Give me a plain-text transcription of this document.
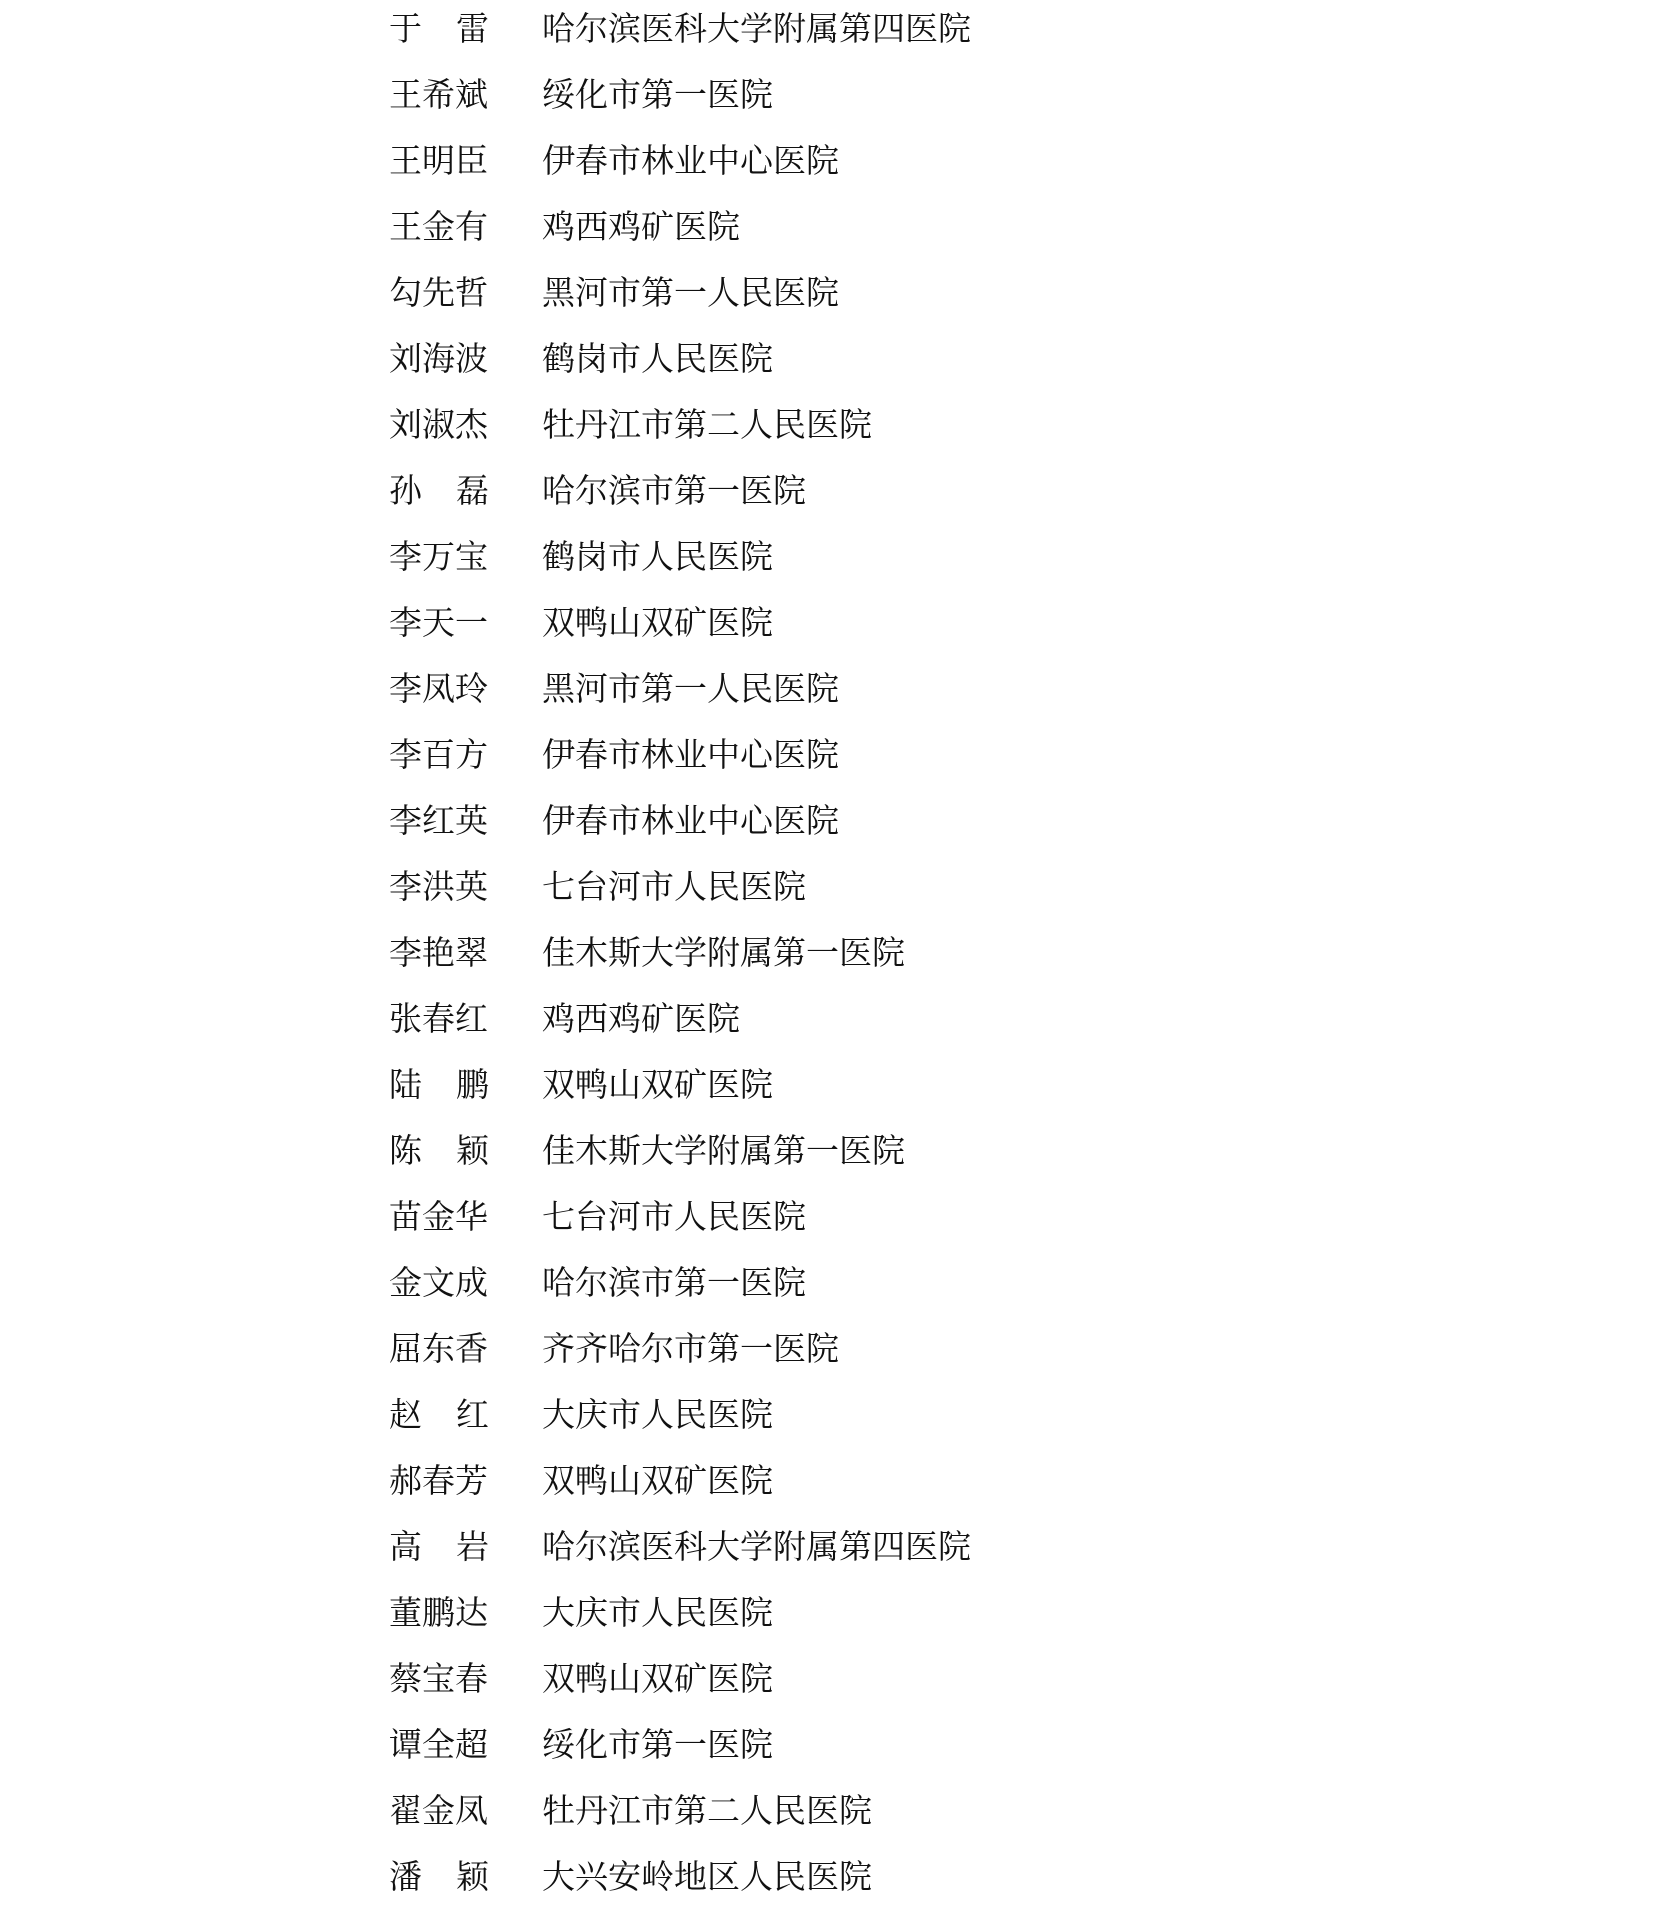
于 雷 哈尔滨医科大学附属第四医院
王希斌 绥化市第一医院
王明臣 伊春市林业中心医院
王金有 鸡西鸡矿医院
勾先哲 黑河市第一人民医院
刘海波 鹤岗市人民医院
刘淑杰 牡丹江市第二人民医院
孙 磊 哈尔滨市第一医院
李万宝 鹤岗市人民医院
李天一 双鸭山双矿医院
李凤玲 黑河市第一人民医院
李百方 伊春市林业中心医院
李红英 伊春市林业中心医院
李洪英 七台河市人民医院
李艳翠 佳木斯大学附属第一医院
张春红 鸡西鸡矿医院
陆 鹏 双鸭山双矿医院
陈 颖 佳木斯大学附属第一医院
苗金华 七台河市人民医院
金文成 哈尔滨市第一医院
屈东香 齐齐哈尔市第一医院
赵 红 大庆市人民医院
郝春芳 双鸭山双矿医院
高 岩 哈尔滨医科大学附属第四医院
董鹏达 大庆市人民医院
蔡宝春 双鸭山双矿医院
谭全超 绥化市第一医院
翟金凤 牡丹江市第二人民医院
潘 颖 大兴安岭地区人民医院
